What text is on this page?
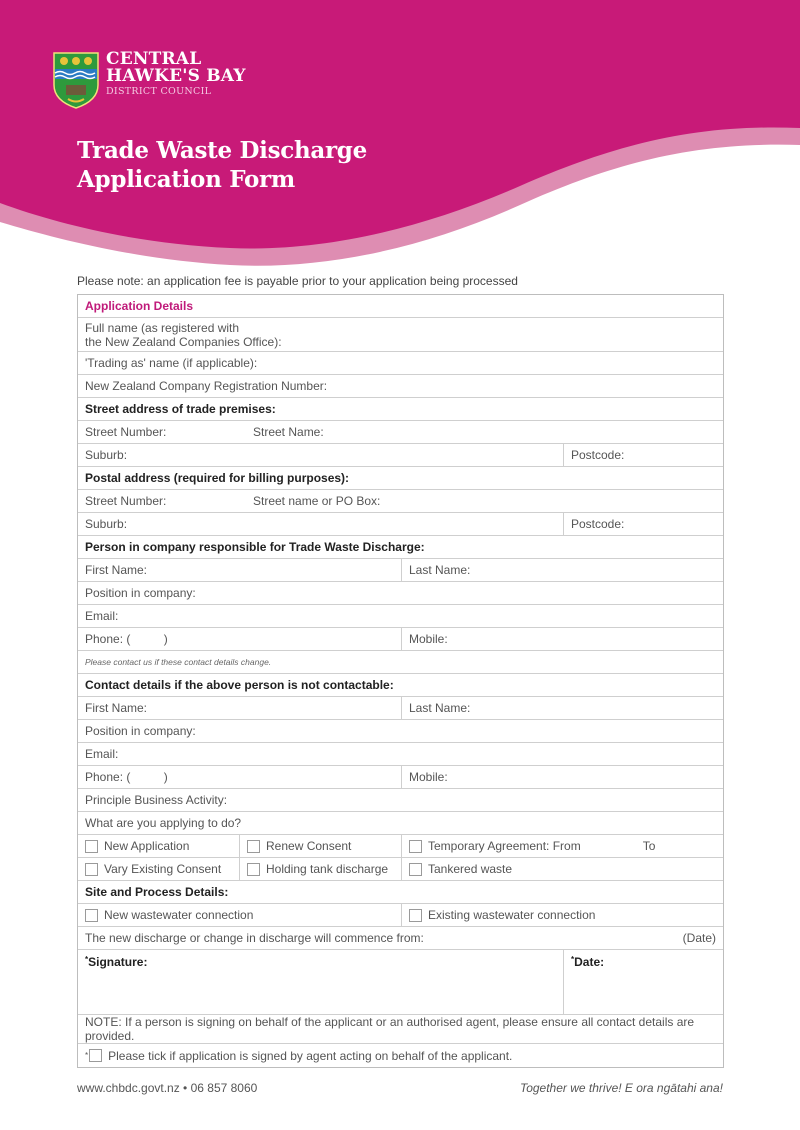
CENTRAL
HAWKE'S BAY
DISTRICT COUNCIL
Trade Waste Discharge
Application Form
Please note: an application fee is payable prior to your application being processed
Application Details
Full name (as registered with
the New Zealand Companies Office):
'Trading as' name (if applicable):
New Zealand Company Registration Number:
Street address of trade premises:
Street Number:	Street Name:
Suburb:	Postcode:
Postal address (required for billing purposes):
Street Number:	Street name or PO Box:
Suburb:	Postcode:
Person in company responsible for Trade Waste Discharge:
First Name:	Last Name:
Position in company:
Email:
Phone: (          )	Mobile:
Please contact us if these contact details change.
Contact details if the above person is not contactable:
First Name:	Last Name:
Position in company:
Email:
Phone: (          )	Mobile:
Principle Business Activity:
What are you applying to do?
New Application	Renew Consent	Temporary Agreement: From	To
Vary Existing Consent	Holding tank discharge	Tankered waste
Site and Process Details:
New wastewater connection	Existing wastewater connection
The new discharge or change in discharge will commence from:	(Date)
*Signature:	*Date:
NOTE: If a person is signing on behalf of the applicant or an authorised agent, please ensure all contact details are provided.
* Please tick if application is signed by agent acting on behalf of the applicant.
www.chbdc.govt.nz • 06 857 8060	Together we thrive! E ora ngātahi ana!
